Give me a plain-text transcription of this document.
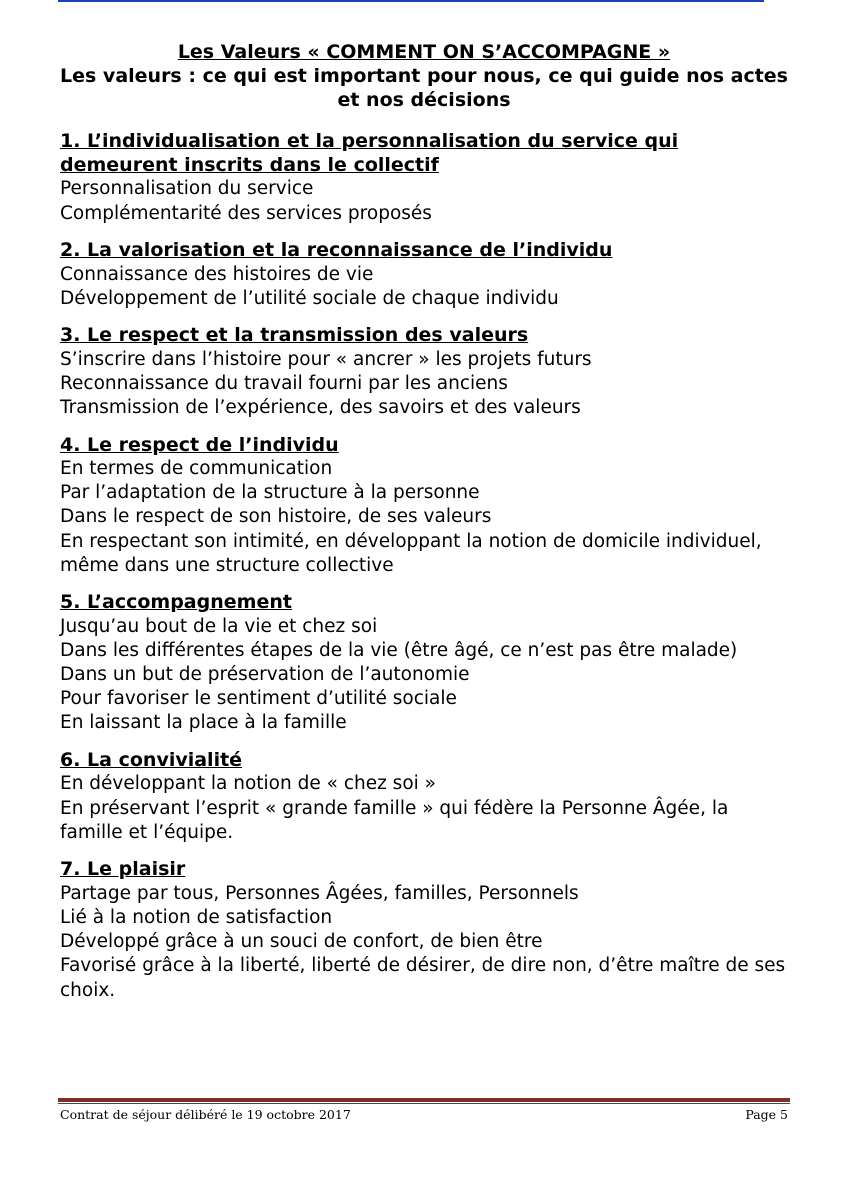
Les Valeurs « COMMENT ON S’ACCOMPAGNE »
Les valeurs : ce qui est important pour nous, ce qui guide nos actes et nos décisions
1. L’individualisation et la personnalisation du service qui demeurent inscrits dans le collectif
Personnalisation du service
Complémentarité des services proposés
2. La valorisation et la reconnaissance de l’individu
Connaissance des histoires de vie
Développement de l’utilité sociale de chaque individu
3. Le respect et la transmission des valeurs
S’inscrire dans l’histoire pour « ancrer » les projets futurs
Reconnaissance du travail fourni par les anciens
Transmission de l’expérience, des savoirs et des valeurs
4. Le respect de l’individu
En termes de communication
Par l’adaptation de la structure à la personne
Dans le respect de son histoire, de ses valeurs
En respectant son intimité, en développant la notion de domicile individuel, même dans une structure collective
5. L’accompagnement
Jusqu’au bout de la vie et chez soi
Dans les différentes étapes de la vie (être âgé, ce n’est pas être malade)
Dans un but de préservation de l’autonomie
Pour favoriser le sentiment d’utilité sociale
En laissant la place à la famille
6. La convivialité
En développant la notion de « chez soi »
En préservant l’esprit « grande famille » qui fédère la Personne Âgée, la famille et l’équipe.
7. Le plaisir
Partage par tous, Personnes Âgées, familles, Personnels
Lié à la notion de satisfaction
Développé grâce à un souci de confort, de bien être
Favorisé grâce à la liberté, liberté de désirer, de dire non, d’être maître de ses choix.
Contrat de séjour délibéré le 19 octobre 2017	Page 5
